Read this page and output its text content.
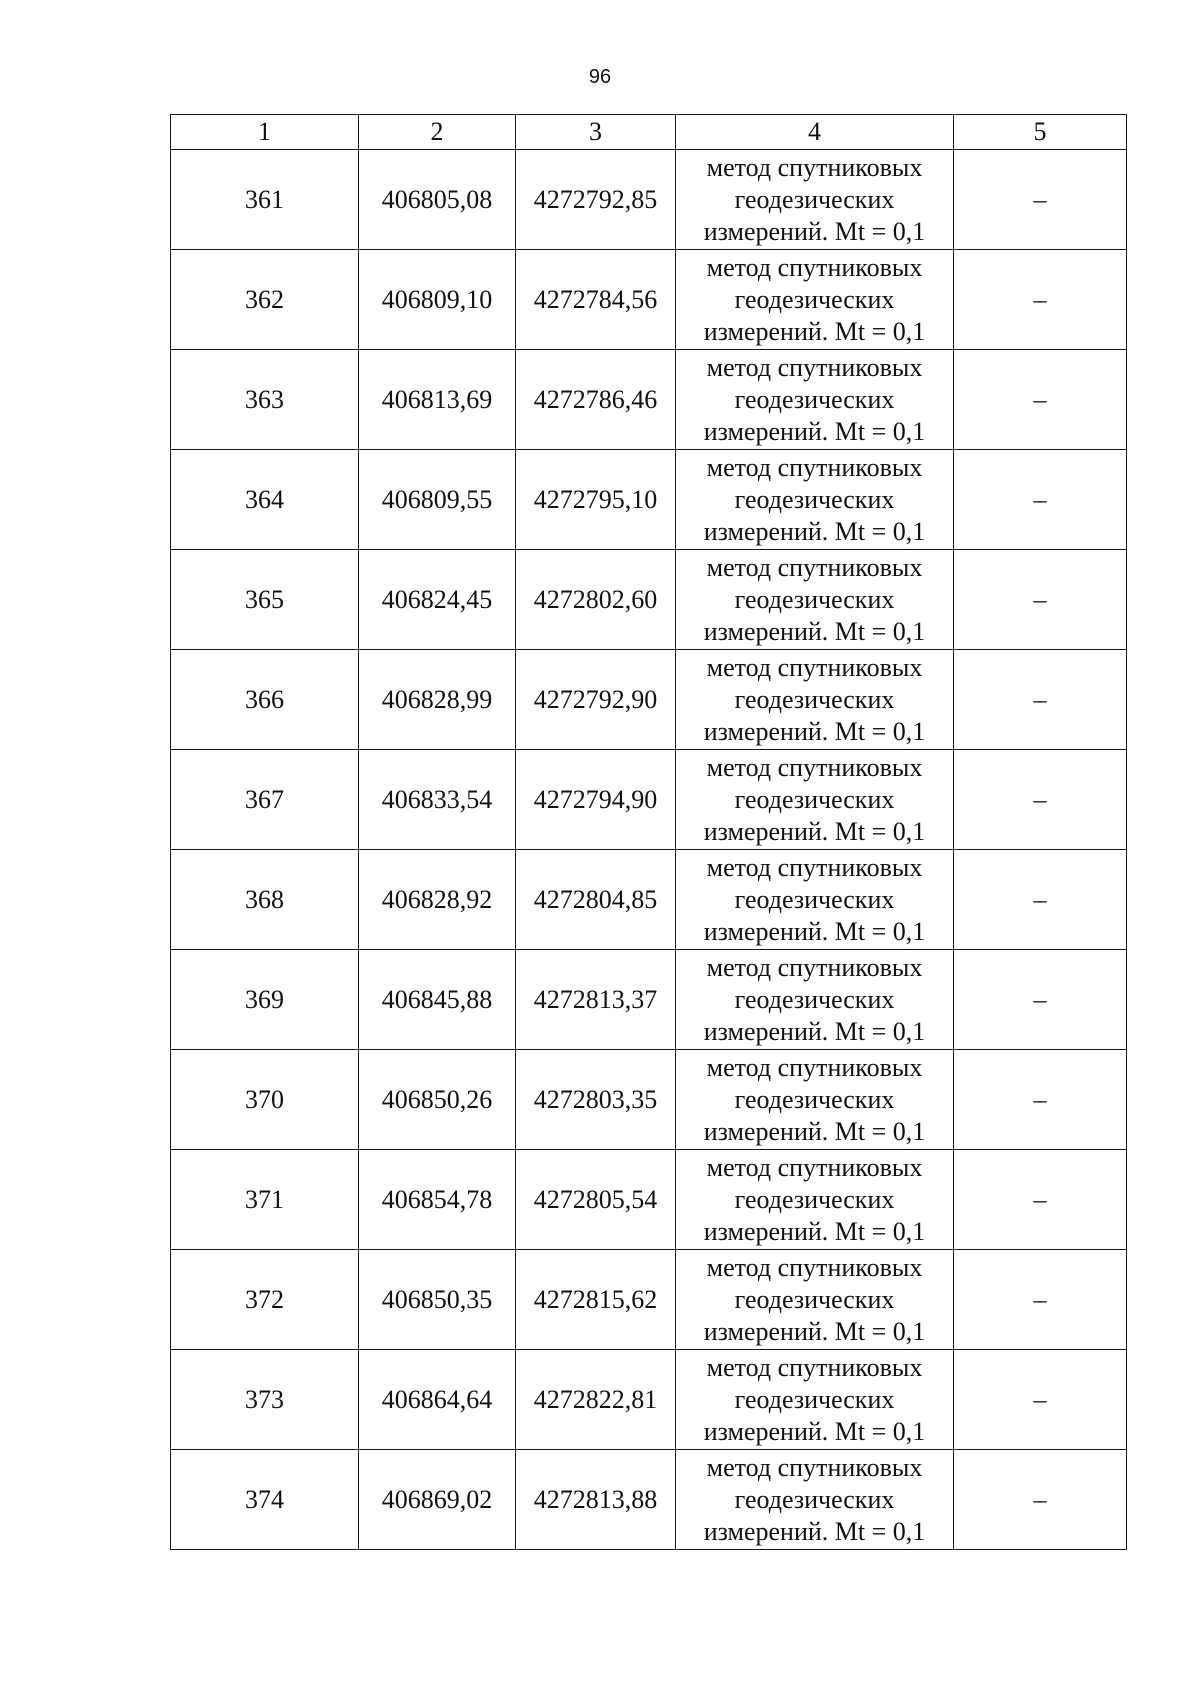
96
1	2	3	4	5
361	406805,08	4272792,85	метод спутниковых
геодезических
измерений. Mt = 0,1	–
362	406809,10	4272784,56	метод спутниковых
геодезических
измерений. Mt = 0,1	–
363	406813,69	4272786,46	метод спутниковых
геодезических
измерений. Mt = 0,1	–
364	406809,55	4272795,10	метод спутниковых
геодезических
измерений. Mt = 0,1	–
365	406824,45	4272802,60	метод спутниковых
геодезических
измерений. Mt = 0,1	–
366	406828,99	4272792,90	метод спутниковых
геодезических
измерений. Mt = 0,1	–
367	406833,54	4272794,90	метод спутниковых
геодезических
измерений. Mt = 0,1	–
368	406828,92	4272804,85	метод спутниковых
геодезических
измерений. Mt = 0,1	–
369	406845,88	4272813,37	метод спутниковых
геодезических
измерений. Mt = 0,1	–
370	406850,26	4272803,35	метод спутниковых
геодезических
измерений. Mt = 0,1	–
371	406854,78	4272805,54	метод спутниковых
геодезических
измерений. Mt = 0,1	–
372	406850,35	4272815,62	метод спутниковых
геодезических
измерений. Mt = 0,1	–
373	406864,64	4272822,81	метод спутниковых
геодезических
измерений. Mt = 0,1	–
374	406869,02	4272813,88	метод спутниковых
геодезических
измерений. Mt = 0,1	–
